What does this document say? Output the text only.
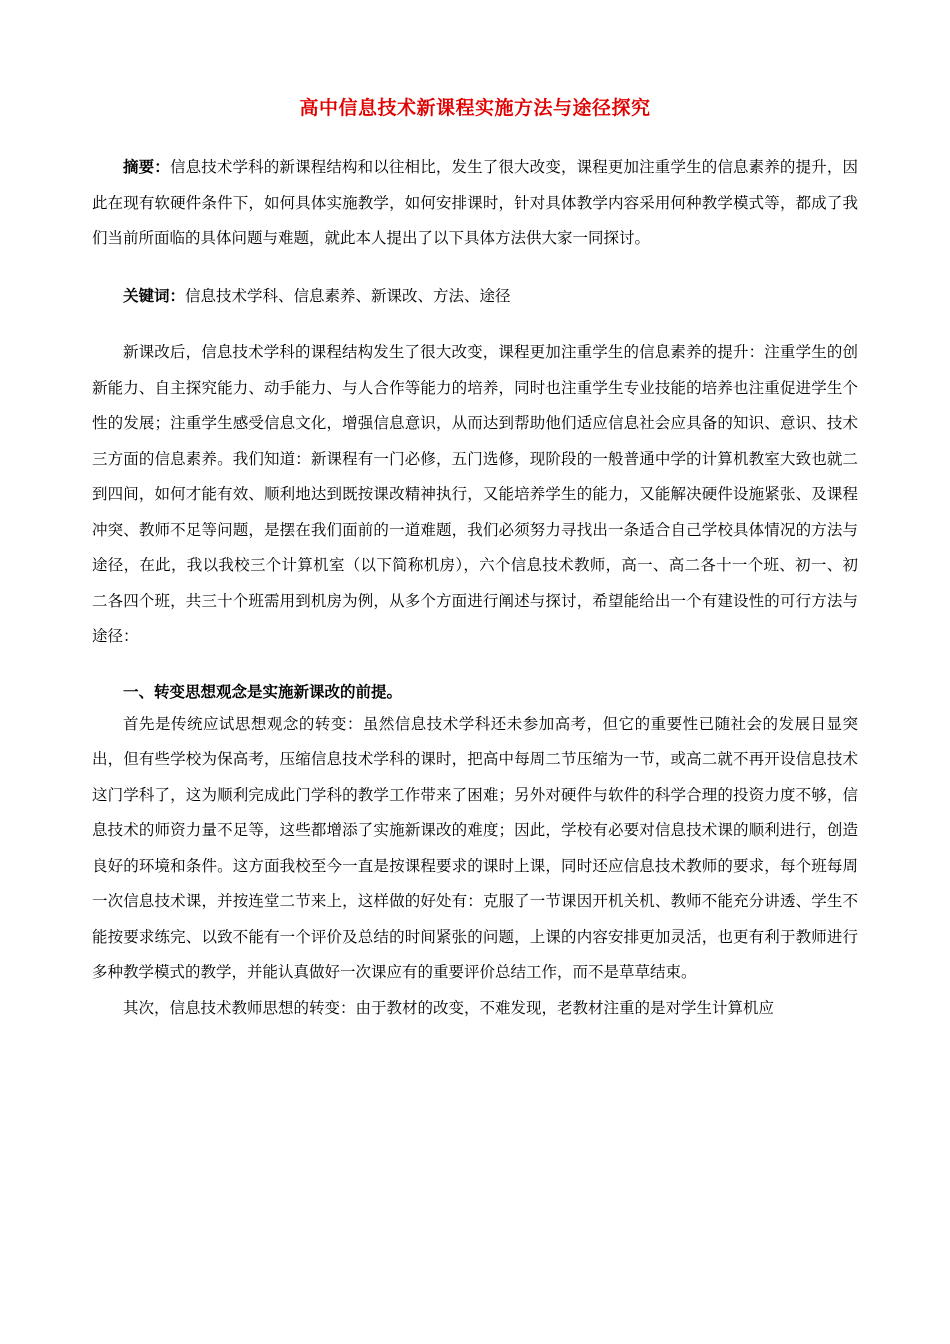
高中信息技术新课程实施方法与途径探究

摘要：信息技术学科的新课程结构和以往相比，发生了很大改变，课程更加注重学生的信息素养的提升，因此在现有软硬件条件下，如何具体实施教学，如何安排课时，针对具体教学内容采用何种教学模式等，都成了我们当前所面临的具体问题与难题，就此本人提出了以下具体方法供大家一同探讨。

关键词：信息技术学科、信息素养、新课改、方法、途径

新课改后，信息技术学科的课程结构发生了很大改变，课程更加注重学生的信息素养的提升：注重学生的创新能力、自主探究能力、动手能力、与人合作等能力的培养，同时也注重学生专业技能的培养也注重促进学生个性的发展；注重学生感受信息文化，增强信息意识，从而达到帮助他们适应信息社会应具备的知识、意识、技术三方面的信息素养。我们知道：新课程有一门必修，五门选修，现阶段的一般普通中学的计算机教室大致也就二到四间，如何才能有效、顺利地达到既按课改精神执行，又能培养学生的能力，又能解决硬件设施紧张、及课程冲突、教师不足等问题，是摆在我们面前的一道难题，我们必须努力寻找出一条适合自己学校具体情况的方法与途径，在此，我以我校三个计算机室（以下简称机房），六个信息技术教师，高一、高二各十一个班、初一、初二各四个班，共三十个班需用到机房为例，从多个方面进行阐述与探讨，希望能给出一个有建设性的可行方法与途径：

一、转变思想观念是实施新课改的前提。

首先是传统应试思想观念的转变：虽然信息技术学科还未参加高考，但它的重要性已随社会的发展日显突出，但有些学校为保高考，压缩信息技术学科的课时，把高中每周二节压缩为一节，或高二就不再开设信息技术这门学科了，这为顺利完成此门学科的教学工作带来了困难；另外对硬件与软件的科学合理的投资力度不够，信息技术的师资力量不足等，这些都增添了实施新课改的难度；因此，学校有必要对信息技术课的顺利进行，创造良好的环境和条件。这方面我校至今一直是按课程要求的课时上课，同时还应信息技术教师的要求，每个班每周一次信息技术课，并按连堂二节来上，这样做的好处有：克服了一节课因开机关机、教师不能充分讲透、学生不能按要求练完、以致不能有一个评价及总结的时间紧张的问题，上课的内容安排更加灵活，也更有利于教师进行多种教学模式的教学，并能认真做好一次课应有的重要评价总结工作，而不是草草结束。

其次，信息技术教师思想的转变：由于教材的改变，不难发现，老教材注重的是对学生计算机应
